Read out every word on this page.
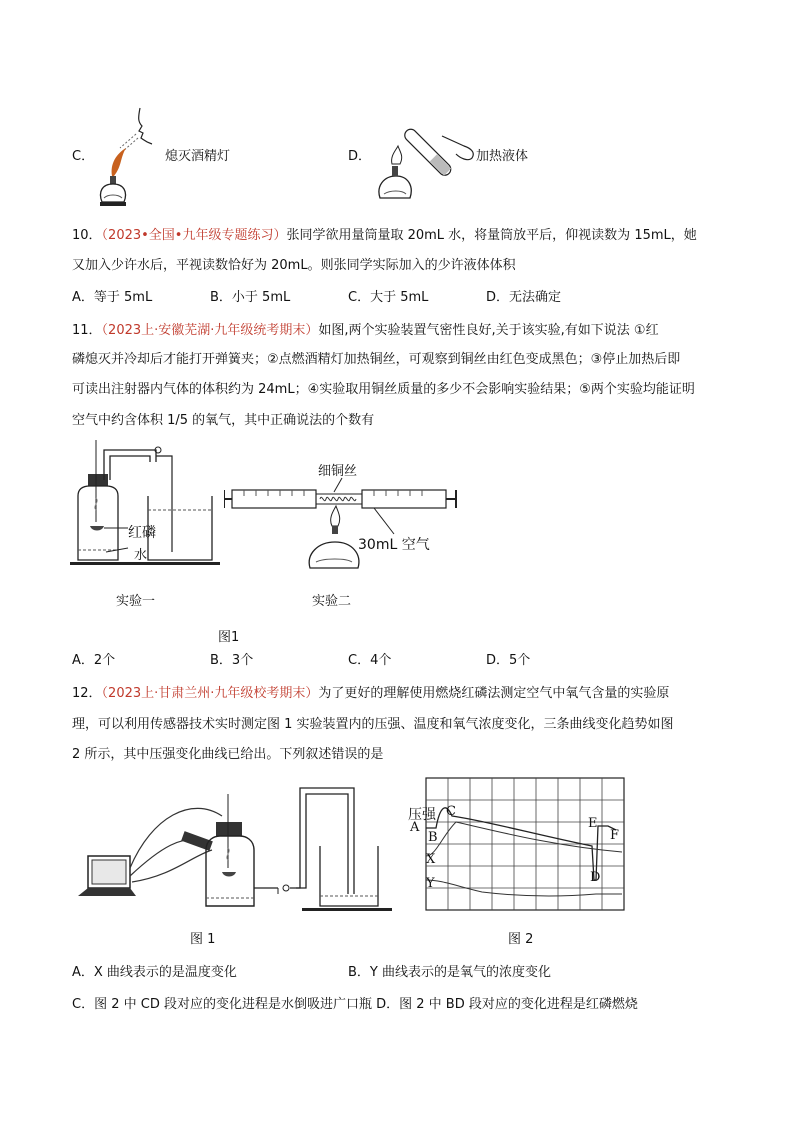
C．	熄灭酒精灯	D．	加热液体
10．（2023•全国•九年级专题练习）张同学欲用量筒量取 20mL 水，将量筒放平后，仰视读数为 15mL，她
又加入少许水后，平视读数恰好为 20mL。则张同学实际加入的少许液体体积
A．等于 5mL	B．小于 5mL	C．大于 5mL	D．无法确定
11．（2023上·安徽芜湖·九年级统考期末）如图,两个实验装置气密性良好,关于该实验,有如下说法 ①红
磷熄灭并冷却后才能打开弹簧夹；②点燃酒精灯加热铜丝，可观察到铜丝由红色变成黑色；③停止加热后即
可读出注射器内气体的体积约为 24mL；④实验取用铜丝质量的多少不会影响实验结果；⑤两个实验均能证明
空气中约含体积 1/5 的氧气，其中正确说法的个数有
红磷
水
细铜丝
30mL 空气
实验一	实验二
图1
A．2个	B．3个	C．4个	D．5个
12．（2023上·甘肃兰州·九年级校考期末）为了更好的理解使用燃烧红磷法测定空气中氧气含量的实验原
理，可以利用传感器技术实时测定图 1 实验装置内的压强、温度和氧气浓度变化，三条曲线变化趋势如图
2 所示，其中压强变化曲线已给出。下列叙述错误的是
压强
A
C
B
X
Y
E
F
D
图 1	图 2
A．X 曲线表示的是温度变化	B．Y 曲线表示的是氧气的浓度变化
C．图 2 中 CD 段对应的变化进程是水倒吸进广口瓶 D．图 2 中 BD 段对应的变化进程是红磷燃烧
